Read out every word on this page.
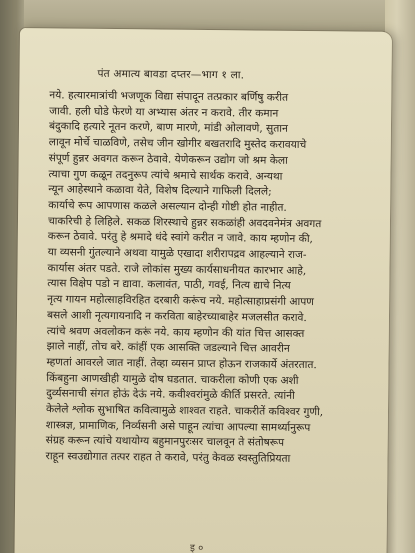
पंत अमात्य बावडा दप्तर—भाग १ ला.
नये. हत्यारमात्रांची भजणूक विद्या संपादून तत्प्रकार बर्णिषु करीत
जावी. हली घोडे फेरणे या अभ्यास अंतर न करावे. तीर कमान
बंदुकादि हत्यारे नूतन करणे, बाण मारणे, मांडी ओलावणे, सुतान
लावून मोर्चे चाळविणे, तसेच जीन खोगीर बखतरादि मुस्तेद करावयाचे
संपूर्ण हुन्नर अवगत करून ठेवावे. येणेकरून उद्योग जो श्रम केला
त्याचा गुण कळून तदनुरूप त्यांचे श्रमाचे सार्थक करावे. अन्यथा
न्यून आहेस्थाने कळावा येते, विशेष दिल्याने गाफिली दिलले;
कार्याचे रूप आपणास कळले असल्यान दोन्ही गोष्टी होत नाहीत.
चाकरिची हे लिहिले. सकळ शिरस्थाचे हुन्नर सकळांही अवदवनेमंत्र अवगत
करून ठेवावे. परंतु हे श्रमादे धंदे स्वांगे करीत न जावे. काय म्हणोन की,
या व्यसनी गुंतल्याने अथवा यामुळे एखादा शरीरापद्रव आहल्याने राज-
कार्यास अंतर पडते. राजे लोकांस मुख्य कार्यसाधनीयत कारभार आहे,
त्यास विक्षेप पडो न द्यावा. कलावंत, पाठी, गवई, नित्य द्याचे नित्य
नृत्य गायन महोत्साहविरहित दरबारी करूंच नये. महोत्साहाप्रसंगी आपण
बसले आशी नृत्यगायनादि न करविता बाहेरच्याबाहेर मजलसीत करावे.
त्यांचे श्रवण अवलोकन करूं नये. काय म्हणोन की यांत चित्त आसक्त
झाले नाहीं, तोच बरे. कांहीं एक आसक्ति जडल्याने चित्त आवरीन
म्हणतां आवरले जात नाहीं. तेव्हा व्यसन प्राप्त होऊन राजकार्ये अंतरतात.
किंबहुना आणखीही यामुळे दोष घडतात. चाकरीला कोणी एक अशी
दुर्व्यसनाची संगत होऊं देऊं नये. कवीश्वरांमुळे कीर्ति प्रसरते. त्यांनी
केलेले श्लोक सुभाषित कवित्वामुळे शाश्वत राहते. चाकरीतें कविश्वर गुणी,
शास्त्रज्ञ, प्रामाणिक, निर्व्यसनी असे पाहून त्यांचा आपल्या सामर्थ्यानुरूप
संग्रह करून त्यांचे यथायोग्य बहुमानपुरःसर चालवून ते संतोषरूप
राहून स्वउद्योगात तत्पर राहत ते करावे, परंतु केवळ स्वस्तुतिप्रियता
इ ०
